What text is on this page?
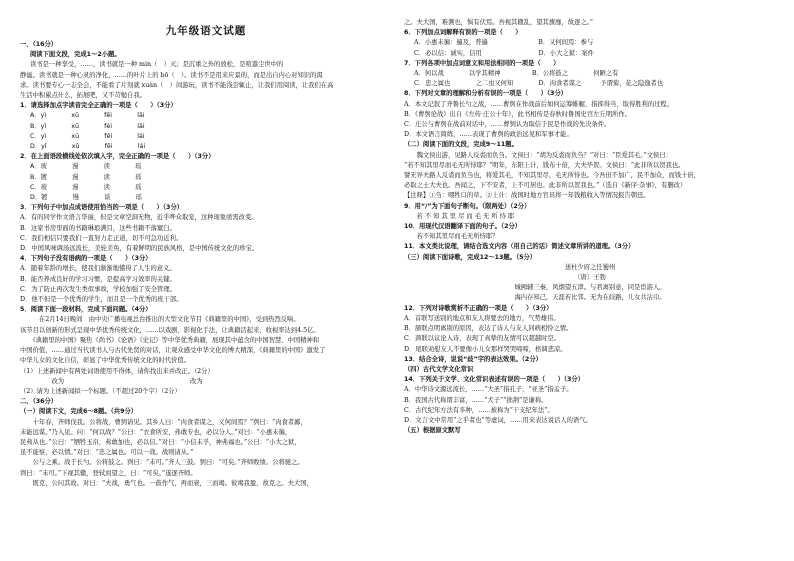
九年级语文试题
一、（16分）
阅读下面文段，完成1～2小题。
读书是一种享受，……，读书就是一种 min（　）灭；是沉重之外的放松，是喧嚣尘世中的
静谧。读书就是一种心灵的净化，……的叶片上的 bō（　）。读书不是用来应景的，而是出自内心对知识的渴
求。读书要专心一志全会，不能看了片刻就 xuàn（　）间游玩，读书不能浅尝辄止，让我们用阅读，让我们在高
生活中积累点什么，拓展吧，又不苛勉自我。
1．请选择加点字读音完全正确的一项是（　　）（3分）
A．yì　　　　xū　　　　fēi　　　　lǎi
B．yǐ　　　　xū　　　　fèi　　　　lǎi
C．yì　　　　xū　　　　fēi　　　　lái
D．yǐ　　　　xū　　　　fēi　　　　lái
2．在上面语段横线处依次填入字，完全正确的一项是（　　）（3分）
A．玻　　　　漫　　　　读　　　　瑶
B．镀　　　　漫　　　　读　　　　瑶
C．玻　　　　漫　　　　读　　　　瑶
D．镀　　　　慢　　　　谈　　　　瑶
3．下列句子中加点成语使用恰当的一项是（　　）（3分）
A．有的同学作文语言华丽，但是文章空洞无物，近乎哗众取宠，这种现象亟需改变。
B．这家书房里面的书籍琳琅满目，这些书籍不落窠臼。
C．我们相信只要我们一直努力走正道，切不可急功近利。
D．中国风味调汤远流长，美轮美奂，有着鲜明的民族风格，是中国传统文化的珍宝。
4．下列句子没有语病的一项是（　　）（3分）
A．随着年龄的增长，使我们渐渐地懂得了人生的意义。
B．能否养成良好的学习习惯，是提高学习效率的关键。
C．为了防止再次发生类似事故，学校加强了安全管理。
D．他不但是一个优秀的学生，而且是一个优秀的班干部。
5．阅读下面一段材料，完成下面问题。（4分）
　　　在2月14日晚间　由中央广播电视总台推出的大型文化节目《典籍里的中国》，受到热烈反响。
该节目以创新的形式呈现中华优秀传统文化，……以戏剧、影视化手法，让典籍活起来，收视率达到4.5亿。
　　《典籍里的中国》聚焦《尚书》《论语》《史记》等中华优秀典籍，展现其中蕴含的中国智慧、中国精神和
中国价值，……通过当代读书人与古代先贤的对话，让观众感受中华文化的博大精深，《典籍里的中国》激发了
中华儿女的文化自信，彰显了中华优秀传统文化的时代价值。
（1）上述新闻中有两处词语使用不得体，请你找出来并改正。（2分）
　　　　　改为　　　　　　　　　　　　　　　　　　　　改为
（2）请为上述新闻拟一个标题。（不超过20个字）（2分）
二、（36分）
（一）阅读下文，完成6～8题。（共9分）
　　十年春，齐师伐我。公将战，曹刿请见。其乡人曰：“肉食者谋之，又何间焉？”刿曰：“肉食者鄙，
未能远谋。”乃入见。问：“何以战？”公曰：“衣食所安，弗敢专也，必以分人。”对曰：“小惠未徧，
民弗从也。”公曰：“牺牲玉帛，弗敢加也，必以信。”对曰：“小信未孚，神弗福也。”公曰：“小大之狱，
虽不能察，必以情。”对曰：“忠之属也。可以一战。战则请从。”
　　公与之乘。战于长勺。公将鼓之。刿曰：“未可。”齐人三鼓。刿曰：“可矣。”齐师败绩。公将驰之。
刿曰：“未可。”下视其辙，登轼而望之，曰：“可矣。”遂逐齐师。
　　既克，公问其故。对曰：“夫战，勇气也。一鼓作气，再而衰，三而竭。彼竭我盈，故克之。夫大国，
之。夫大国，难测也，惧有伏焉。吾视其辙乱，望其旗靡，故逐之。”
6．下列加点词解释有误的一项是（　　）
A．小惠未徧：遍及，普遍　　　　　　　　B．又何间焉：参与
C．必以信：诚实，信用　　　　　　　　　D．小大之狱：案件
7．下列各项中加点词意义和用法相同的一项是（　　）
A．何以战　　　　以学其精神　　　　　B．公将鼓之　　　　何陋之有
C．忠之属也　　　　之二虫又何知　　　　D．肉食者谋之　　　予谓菊，花之隐逸者也
8．下列对文章的理解和分析有误的一项是（　　）（3分）
A．本文记叙了齐鲁长勺之战，……曹刿在作战前后如何运筹帷幄、指挥得当，取得胜利的过程。
B．《曹刿论战》出自《左传·庄公十年》，此书相传是春秋时鲁国史官左丘明所作。
C．庄公与曹刿在战前对话中，……曹刿认为取信于民是作战的先决条件。
D．本文语言简练，……表现了曹刿的政治远见和军事才能。
（二）阅读下面的文段，完成9～11题。
　　魏文侯出游，见路人反裘而负刍。文侯曰：“胡为反裘而负刍？”对曰：“臣爱其毛。”文侯曰：
“若不知其里尽而毛无所恃耶？”明年，东阳上计，钱布十倍，大夫毕贺。文侯曰：“此非所以贺我也。
譬无异夫路人反裘而负刍也，将爱其毛，不知其里尽，毛无所恃也。今吾田不加广，民不加众，而钱十倍，
必取之士大夫也。吾闻之，下不安者，上不可居也。此非所以贺我也。”（选自《新序·杂事》，有删改）
【注释】①刍：喂牲口的草。②上计：战国时地方官员将一年钱粮收入等情况报告朝廷。
9．用“/”为下面句子断句。（限两处）（2分）
　　若 不 知 其 里 尽 而 毛 无 所 恃 耶
10．用现代汉语翻译下面的句子。（2分）
　　若不知其里尽而毛无所恃耶？
11．本文类比说理，请结合选文内容（用自己的话）简述文章所讲的道理。（3分）
（三）阅读下面诗歌，完成12～13题。（5分）
送杜少府之任蜀州
〔唐〕王勃
城阙辅三秦，风烟望五津。与君离别意，同是宦游人。
海内存知己，天涯若比邻。无为在歧路，儿女共沾巾。
12．下列对诗歌赏析不正确的一项是（　　）（3分）
A．首联写送别的地点和友人将要去的地方，气势雄伟。
B．颔联点明离别的原因，表达了诗人与友人同病相怜之情。
C．颈联以议论入诗，表现了真挚的友情可以超越时空。
D．尾联劝慰友人不要像小儿女那样哭哭啼啼，格调悲凉。
13．结合全诗，说说“歧”字的表达效果。（2分）
（四）古代文学文化常识
14．下列关于文学、文化常识表述有误的一项是（　　）（3分）
A．中华诗文源远流长，……“大圣”指孔子，“亚圣”指孟子。
B．我国古代称谓丰富，……“犬子”“拙荆”是谦称。
C．古代纪年方法有多种，……被称为“干支纪年法”。
D．文言文中常用“之乎者也”等虚词，……用来表达说话人的语气。
（五）根据原文默写
